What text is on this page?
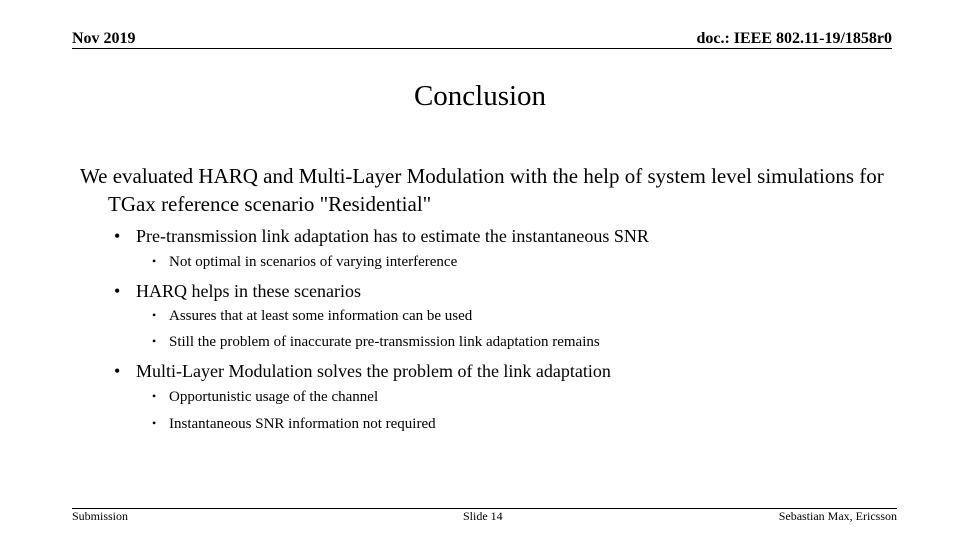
Nov 2019	doc.: IEEE 802.11-19/1858r0
Conclusion
We evaluated HARQ and Multi-Layer Modulation with the help of system level simulations for TGax reference scenario "Residential"
• Pre-transmission link adaptation has to estimate the instantaneous SNR
• Not optimal in scenarios of varying interference
• HARQ helps in these scenarios
• Assures that at least some information can be used
• Still the problem of inaccurate pre-transmission link adaptation remains
• Multi-Layer Modulation solves the problem of the link adaptation
• Opportunistic usage of the channel
• Instantaneous SNR information not required
Submission	Slide 14	Sebastian Max, Ericsson
